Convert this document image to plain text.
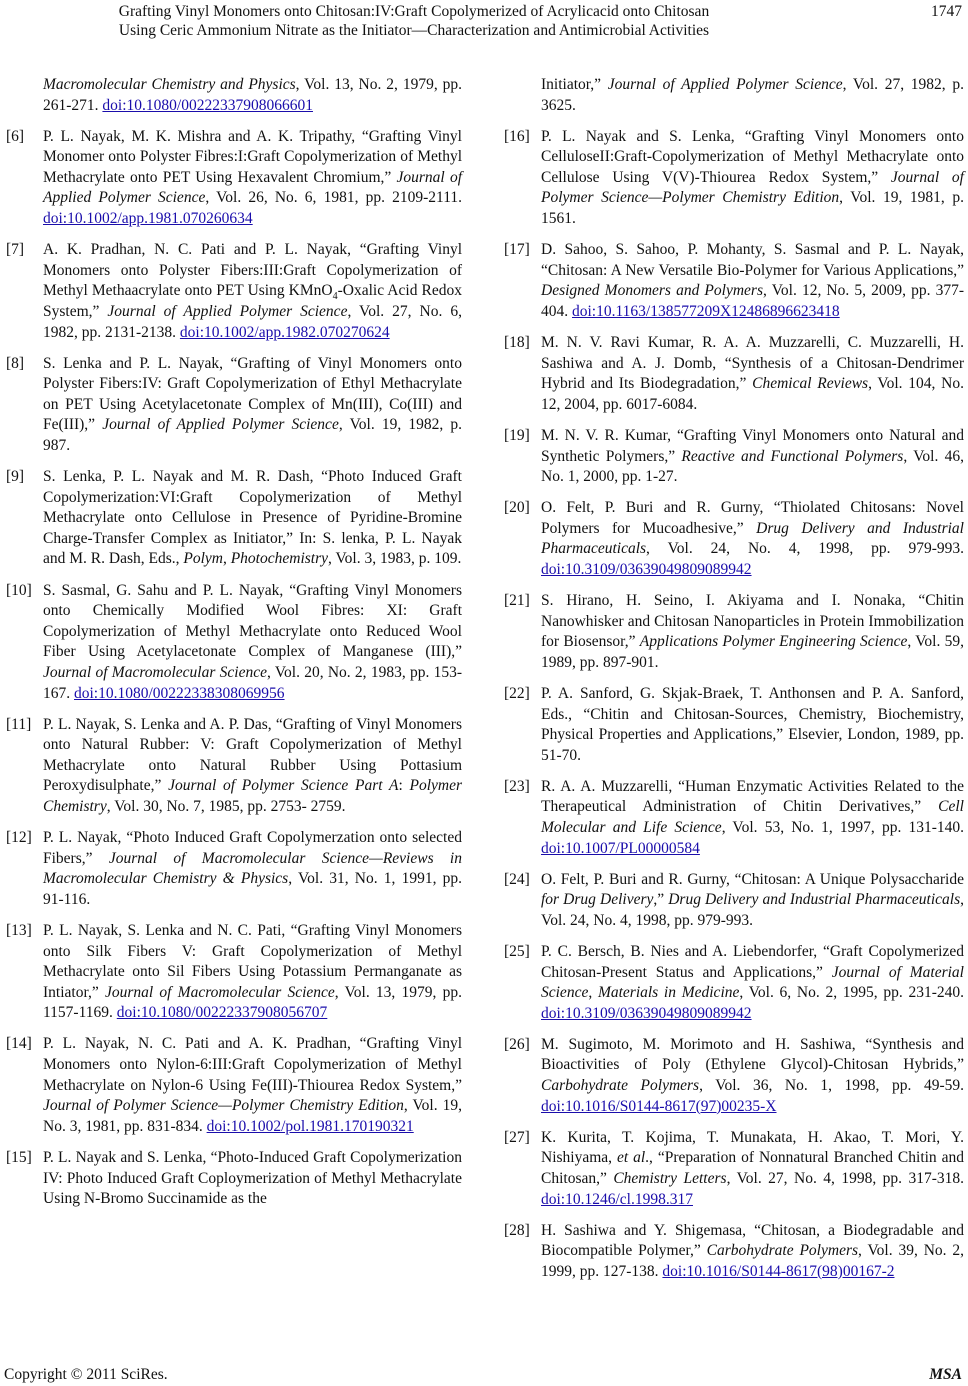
Grafting Vinyl Monomers onto Chitosan:IV:Graft Copolymerized of Acrylicacid onto Chitosan
Using Ceric Ammonium Nitrate as the Initiator—Characterization and Antimicrobial Activities
1747
Macromolecular Chemistry and Physics, Vol. 13, No. 2, 1979, pp. 261-271. doi:10.1080/00222337908066601
[6] P. L. Nayak, M. K. Mishra and A. K. Tripathy, “Grafting Vinyl Monomer onto Polyster Fibres:I:Graft Copolymerization of Methyl Methacrylate onto PET Using Hexavalent Chromium,” Journal of Applied Polymer Science, Vol. 26, No. 6, 1981, pp. 2109-2111. doi:10.1002/app.1981.070260634
[7] A. K. Pradhan, N. C. Pati and P. L. Nayak, “Grafting Vinyl Monomers onto Polyster Fibers:III:Graft Copolymerization of Methyl Methaacrylate onto PET Using KMnO$_4$-Oxalic Acid Redox System,” Journal of Applied Polymer Science, Vol. 27, No. 6, 1982, pp. 2131-2138. doi:10.1002/app.1982.070270624
[8] S. Lenka and P. L. Nayak, “Grafting of Vinyl Monomers onto Polyster Fibers:IV: Graft Copolymerization of Ethyl Methacrylate on PET Using Acetylacetonate Complex of Mn(III), Co(III) and Fe(III),” Journal of Applied Polymer Science, Vol. 19, 1982, p. 987.
[9] S. Lenka, P. L. Nayak and M. R. Dash, “Photo Induced Graft Copolymerization:VI:Graft Copolymerization of Methyl Methacrylate onto Cellulose in Presence of Pyridine-Bromine Charge-Transfer Complex as Initiator,” In: S. lenka, P. L. Nayak and M. R. Dash, Eds., Polym, Photochemistry, Vol. 3, 1983, p. 109.
[10] S. Sasmal, G. Sahu and P. L. Nayak, “Grafting Vinyl Monomers onto Chemically Modified Wool Fibres: XI: Graft Copolymerization of Methyl Methacrylate onto Reduced Wool Fiber Using Acetylacetonate Complex of Manganese (III),” Journal of Macromolecular Science, Vol. 20, No. 2, 1983, pp. 153-167. doi:10.1080/00222338308069956
[11] P. L. Nayak, S. Lenka and A. P. Das, “Grafting of Vinyl Monomers onto Natural Rubber: V: Graft Copolymerization of Methyl Methacrylate onto Natural Rubber Using Pottasium Peroxydisulphate,” Journal of Polymer Science Part A: Polymer Chemistry, Vol. 30, No. 7, 1985, pp. 2753- 2759.
[12] P. L. Nayak, “Photo Induced Graft Copolymerzation onto selected Fibers,” Journal of Macromolecular Science—Reviews in Macromolecular Chemistry & Physics, Vol. 31, No. 1, 1991, pp. 91-116.
[13] P. L. Nayak, S. Lenka and N. C. Pati, “Grafting Vinyl Monomers onto Silk Fibers V: Graft Copolymerization of Methyl Methacrylate onto Sil Fibers Using Potassium Permanganate as Intiator,” Journal of Macromolecular Science, Vol. 13, 1979, pp. 1157-1169. doi:10.1080/00222337908056707
[14] P. L. Nayak, N. C. Pati and A. K. Pradhan, “Grafting Vinyl Monomers onto Nylon-6:III:Graft Copolymerization of Methyl Methacrylate on Nylon-6 Using Fe(III)-Thiourea Redox System,” Journal of Polymer Science—Polymer Chemistry Edition, Vol. 19, No. 3, 1981, pp. 831-834. doi:10.1002/pol.1981.170190321
[15] P. L. Nayak and S. Lenka, “Photo-Induced Graft Copolymerization IV: Photo Induced Graft Coploymerization of Methyl Methacrylate Using N-Bromo Succinamide as the
Initiator,” Journal of Applied Polymer Science, Vol. 27, 1982, p. 3625.
[16] P. L. Nayak and S. Lenka, “Grafting Vinyl Monomers onto CelluloseII:Graft-Copolymerization of Methyl Methacrylate onto Cellulose Using V(V)-Thiourea Redox System,” Journal of Polymer Science—Polymer Chemistry Edition, Vol. 19, 1981, p. 1561.
[17] D. Sahoo, S. Sahoo, P. Mohanty, S. Sasmal and P. L. Nayak, “Chitosan: A New Versatile Bio-Polymer for Various Applications,” Designed Monomers and Polymers, Vol. 12, No. 5, 2009, pp. 377-404. doi:10.1163/138577209X12486896623418
[18] M. N. V. Ravi Kumar, R. A. A. Muzzarelli, C. Muzzarelli, H. Sashiwa and A. J. Domb, “Synthesis of a Chitosan-Dendrimer Hybrid and Its Biodegradation,” Chemical Reviews, Vol. 104, No. 12, 2004, pp. 6017-6084.
[19] M. N. V. R. Kumar, “Grafting Vinyl Monomers onto Natural and Synthetic Polymers,” Reactive and Functional Polymers, Vol. 46, No. 1, 2000, pp. 1-27.
[20] O. Felt, P. Buri and R. Gurny, “Thiolated Chitosans: Novel Polymers for Mucoadhesive,” Drug Delivery and Industrial Pharmaceuticals, Vol. 24, No. 4, 1998, pp. 979-993. doi:10.3109/03639049809089942
[21] S. Hirano, H. Seino, I. Akiyama and I. Nonaka, “Chitin Nanowhisker and Chitosan Nanoparticles in Protein Immobilization for Biosensor,” Applications Polymer Engineering Science, Vol. 59, 1989, pp. 897-901.
[22] P. A. Sanford, G. Skjak-Braek, T. Anthonsen and P. A. Sanford, Eds., “Chitin and Chitosan-Sources, Chemistry, Biochemistry, Physical Properties and Applications,” Elsevier, London, 1989, pp. 51-70.
[23] R. A. A. Muzzarelli, “Human Enzymatic Activities Related to the Therapeutical Administration of Chitin Derivatives,” Cell Molecular and Life Science, Vol. 53, No. 1, 1997, pp. 131-140. doi:10.1007/PL00000584
[24] O. Felt, P. Buri and R. Gurny, “Chitosan: A Unique Polysaccharide for Drug Delivery,” Drug Delivery and Industrial Pharmaceuticals, Vol. 24, No. 4, 1998, pp. 979-993.
[25] P. C. Bersch, B. Nies and A. Liebendorfer, “Graft Copolymerized Chitosan-Present Status and Applications,” Journal of Material Science, Materials in Medicine, Vol. 6, No. 2, 1995, pp. 231-240. doi:10.3109/03639049809089942
[26] M. Sugimoto, M. Morimoto and H. Sashiwa, “Synthesis and Bioactivities of Poly (Ethylene Glycol)-Chitosan Hybrids,” Carbohydrate Polymers, Vol. 36, No. 1, 1998, pp. 49-59. doi:10.1016/S0144-8617(97)00235-X
[27] K. Kurita, T. Kojima, T. Munakata, H. Akao, T. Mori, Y. Nishiyama, et al., “Preparation of Nonnatural Branched Chitin and Chitosan,” Chemistry Letters, Vol. 27, No. 4, 1998, pp. 317-318. doi:10.1246/cl.1998.317
[28] H. Sashiwa and Y. Shigemasa, “Chitosan, a Biodegradable and Biocompatible Polymer,” Carbohydrate Polymers, Vol. 39, No. 2, 1999, pp. 127-138. doi:10.1016/S0144-8617(98)00167-2
Copyright © 2011 SciRes.	MSA
